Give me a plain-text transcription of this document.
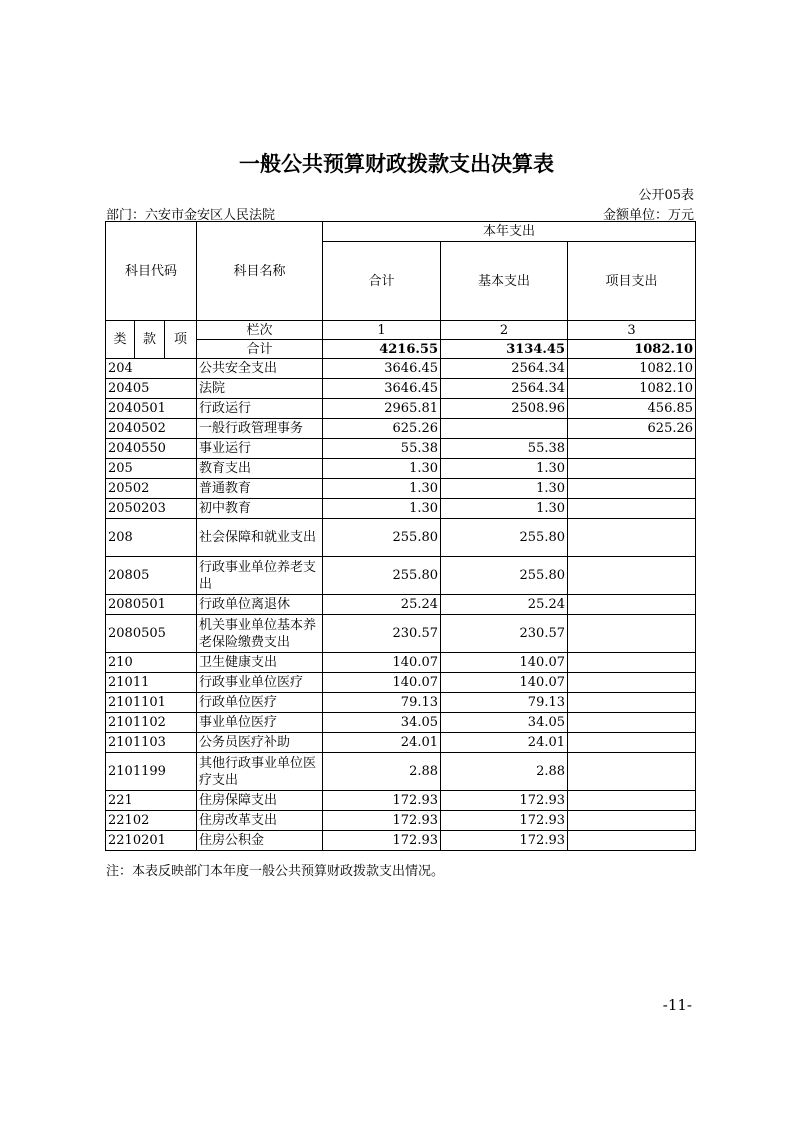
一般公共预算财政拨款支出决算表
公开05表
部门：六安市金安区人民法院	金额单位：万元
科目代码			科目名称	本年支出		
				合计	基本支出	项目支出
类	款	项	栏次	1	2	3
			合计	4216.55	3134.45	1082.10
204			公共安全支出	3646.45	2564.34	1082.10
20405			法院	3646.45	2564.34	1082.10
2040501			行政运行	2965.81	2508.96	456.85
2040502			一般行政管理事务	625.26		625.26
2040550			事业运行	55.38	55.38	
205			教育支出	1.30	1.30	
20502			普通教育	1.30	1.30	
2050203			初中教育	1.30	1.30	
208			社会保障和就业支出	255.80	255.80	
20805			行政事业单位养老支出	255.80	255.80	
2080501			行政单位离退休	25.24	25.24	
2080505			机关事业单位基本养老保险缴费支出	230.57	230.57	
210			卫生健康支出	140.07	140.07	
21011			行政事业单位医疗	140.07	140.07	
2101101			行政单位医疗	79.13	79.13	
2101102			事业单位医疗	34.05	34.05	
2101103			公务员医疗补助	24.01	24.01	
2101199			其他行政事业单位医疗支出	2.88	2.88	
221			住房保障支出	172.93	172.93	
22102			住房改革支出	172.93	172.93	
2210201			住房公积金	172.93	172.93	
注：本表反映部门本年度一般公共预算财政拨款支出情况。
-11-
